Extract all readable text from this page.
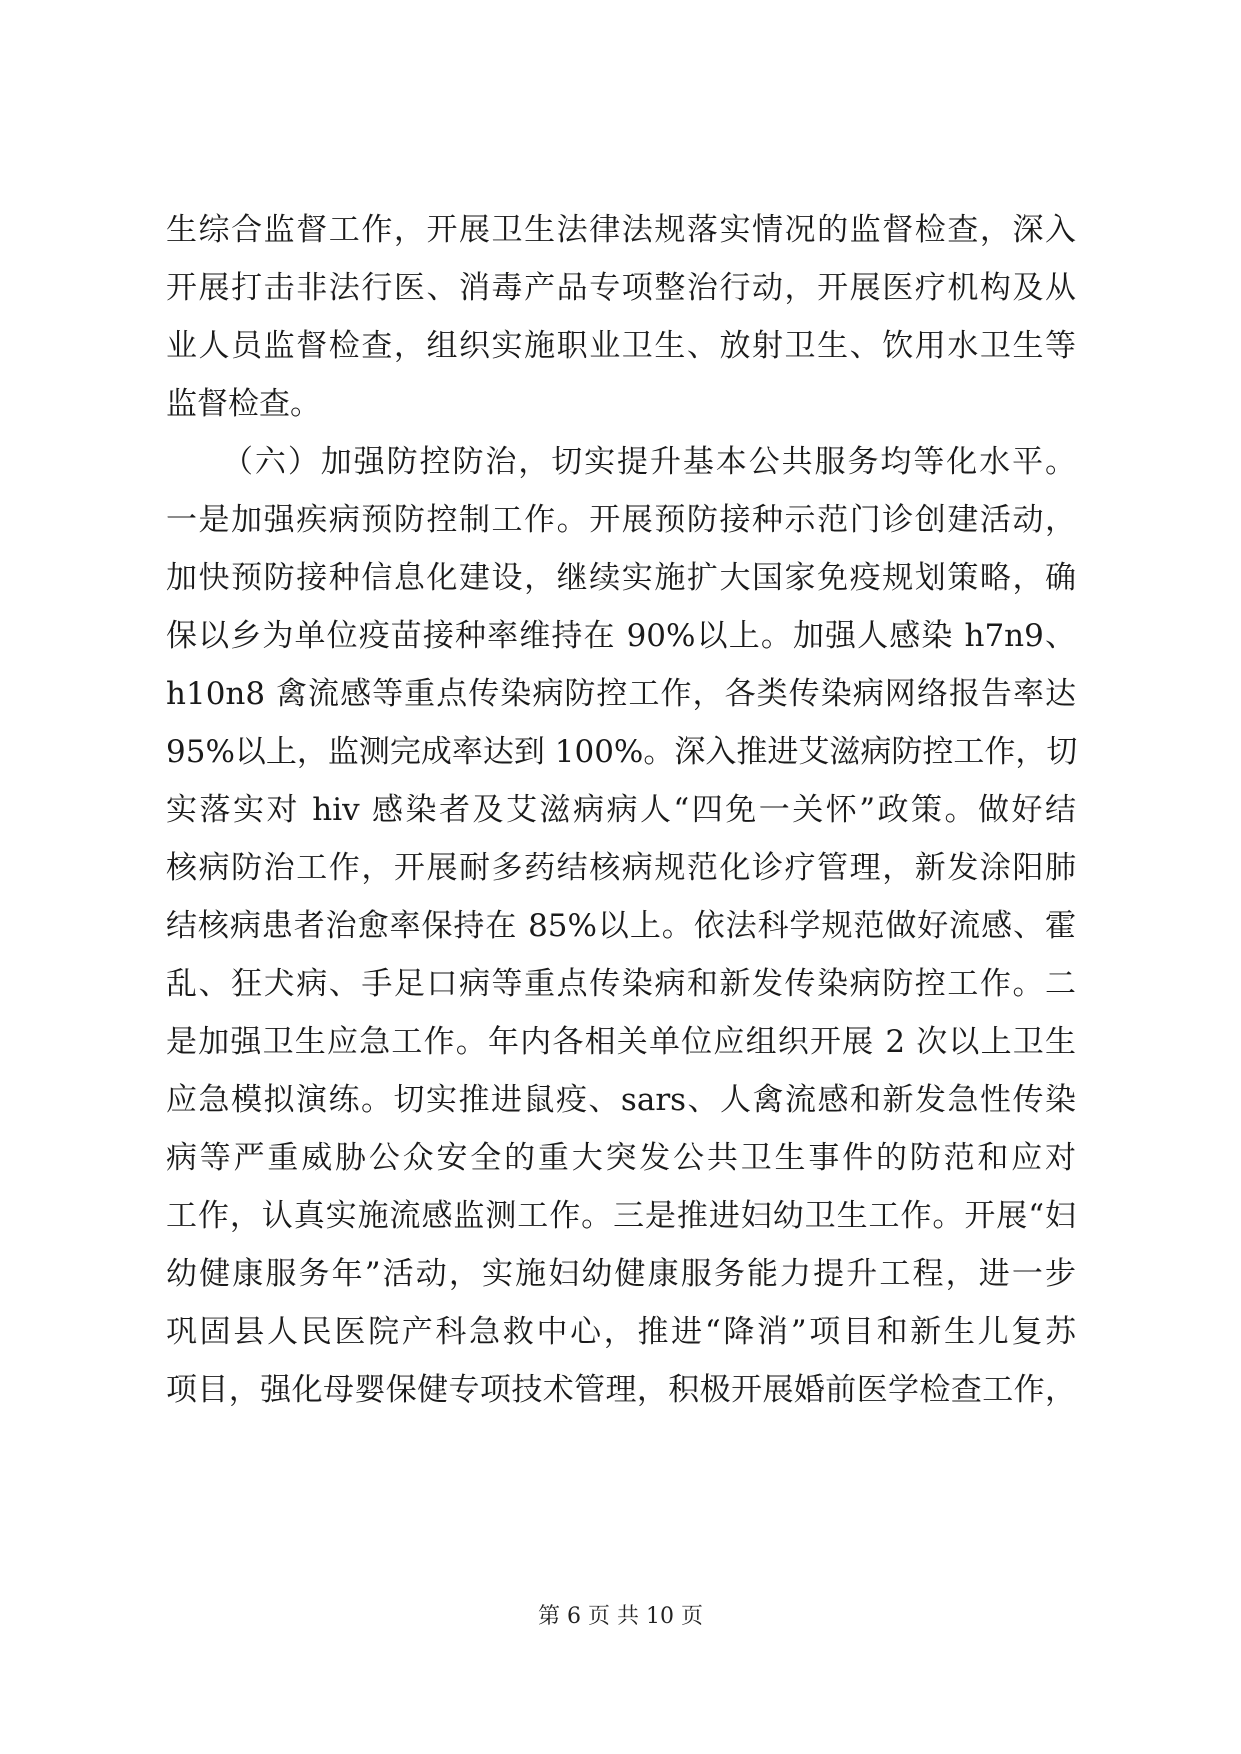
生综合监督工作，开展卫生法律法规落实情况的监督检查，深入
开展打击非法行医、消毒产品专项整治行动，开展医疗机构及从
业人员监督检查，组织实施职业卫生、放射卫生、饮用水卫生等
监督检查。
（六）加强防控防治，切实提升基本公共服务均等化水平。
一是加强疾病预防控制工作。开展预防接种示范门诊创建活动，
加快预防接种信息化建设，继续实施扩大国家免疫规划策略，确
保以乡为单位疫苗接种率维持在 90%以上。加强人感染 h7n9、
h10n8 禽流感等重点传染病防控工作，各类传染病网络报告率达
95%以上，监测完成率达到 100%。深入推进艾滋病防控工作，切
实落实对 hiv 感染者及艾滋病病人“四免一关怀”政策。做好结
核病防治工作，开展耐多药结核病规范化诊疗管理，新发涂阳肺
结核病患者治愈率保持在 85%以上。依法科学规范做好流感、霍
乱、狂犬病、手足口病等重点传染病和新发传染病防控工作。二
是加强卫生应急工作。年内各相关单位应组织开展 2 次以上卫生
应急模拟演练。切实推进鼠疫、sars、人禽流感和新发急性传染
病等严重威胁公众安全的重大突发公共卫生事件的防范和应对
工作，认真实施流感监测工作。三是推进妇幼卫生工作。开展“妇
幼健康服务年”活动，实施妇幼健康服务能力提升工程，进一步
巩固县人民医院产科急救中心，推进“降消”项目和新生儿复苏
项目，强化母婴保健专项技术管理，积极开展婚前医学检查工作，
第 6 页 共 10 页
